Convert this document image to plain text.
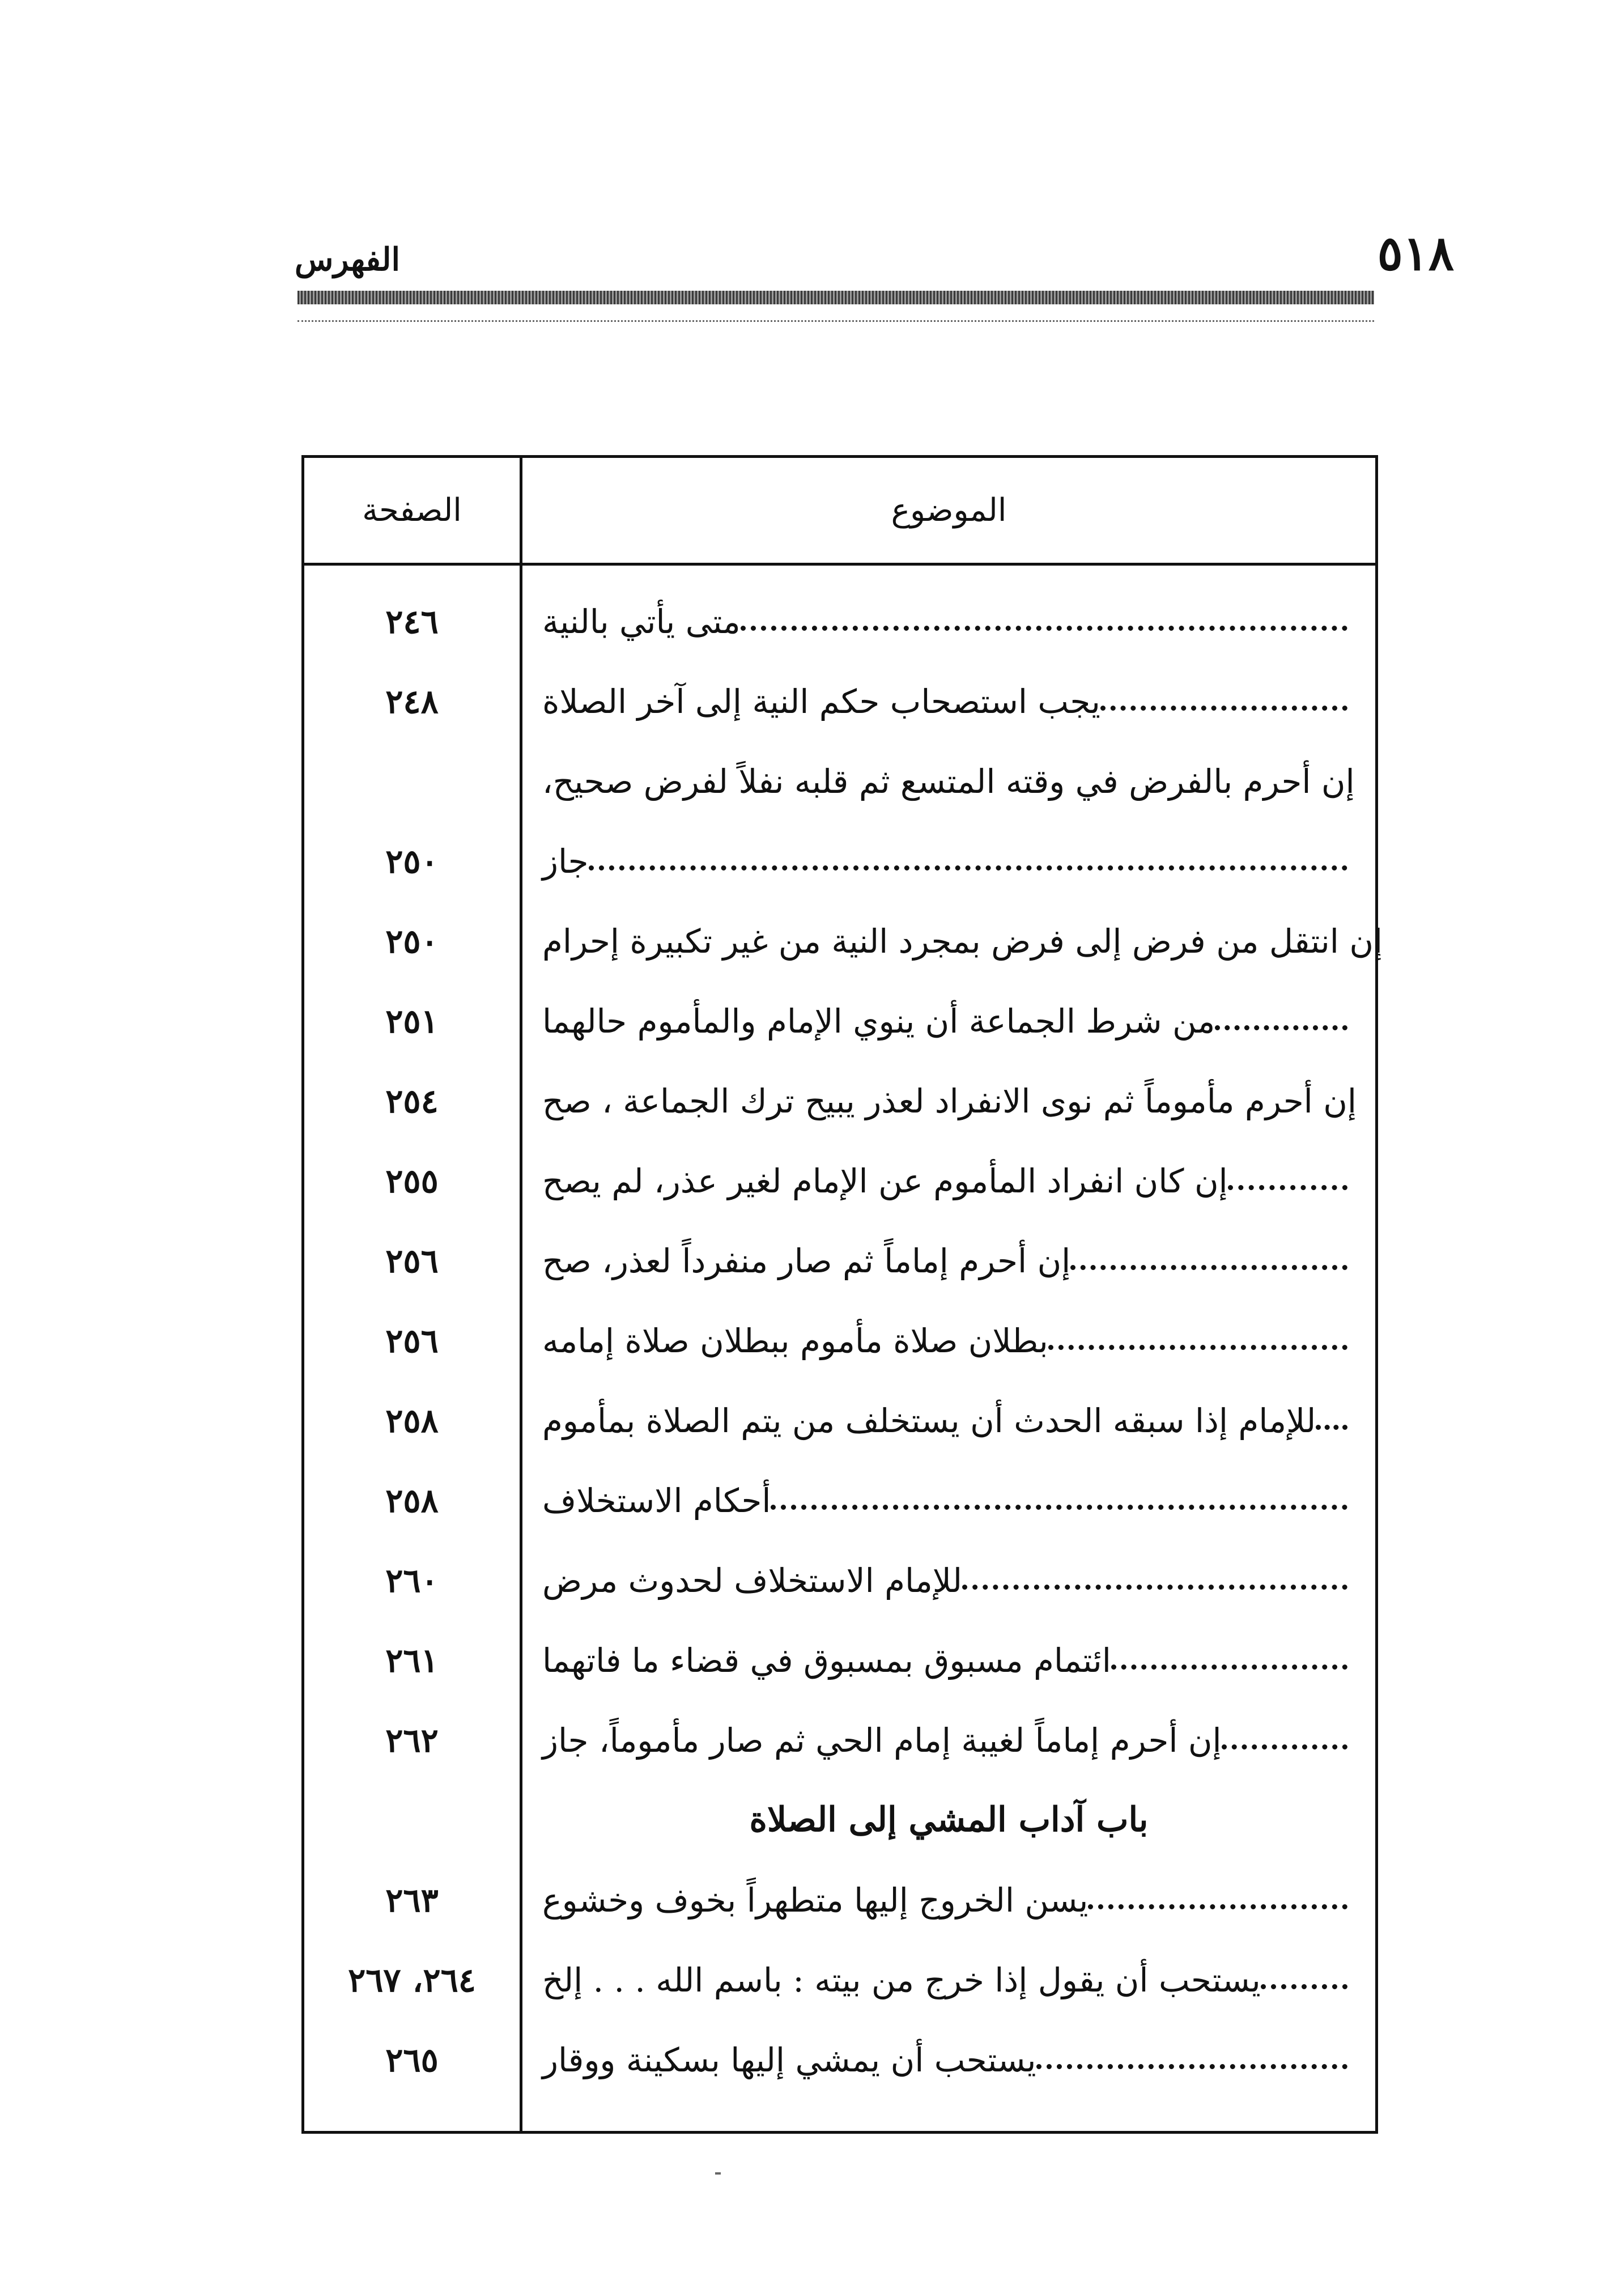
٥١٨
الفهرس
الصفحة	الموضوع
متى يأتي بالنية
٢٤٦
يجب استصحاب حكم النية إلى آخر الصلاة
٢٤٨
إن أحرم بالفرض في وقته المتسع ثم قلبه نفلاً لفرض صحيح،
جاز
٢٥٠
إن انتقل من فرض إلى فرض بمجرد النية من غير تكبيرة إحرام
٢٥٠
من شرط الجماعة أن ينوي الإمام والمأموم حالهما
٢٥١
إن أحرم مأموماً ثم نوى الانفراد لعذر يبيح ترك الجماعة ، صح
٢٥٤
إن كان انفراد المأموم عن الإمام لغير عذر، لم يصح
٢٥٥
إن أحرم إماماً ثم صار منفرداً لعذر، صح
٢٥٦
بطلان صلاة مأموم ببطلان صلاة إمامه
٢٥٦
للإمام إذا سبقه الحدث أن يستخلف من يتم الصلاة بمأموم
٢٥٨
أحكام الاستخلاف
٢٥٨
للإمام الاستخلاف لحدوث مرض
٢٦٠
ائتمام مسبوق بمسبوق في قضاء ما فاتهما
٢٦١
إن أحرم إماماً لغيبة إمام الحي ثم صار مأموماً، جاز
٢٦٢
باب آداب المشي إلى الصلاة
يسن الخروج إليها متطهراً بخوف وخشوع
٢٦٣
يستحب أن يقول إذا خرج من بيته : باسم الله . . . إلخ
٢٦٤، ٢٦٧
يستحب أن يمشي إليها بسكينة ووقار
٢٦٥
